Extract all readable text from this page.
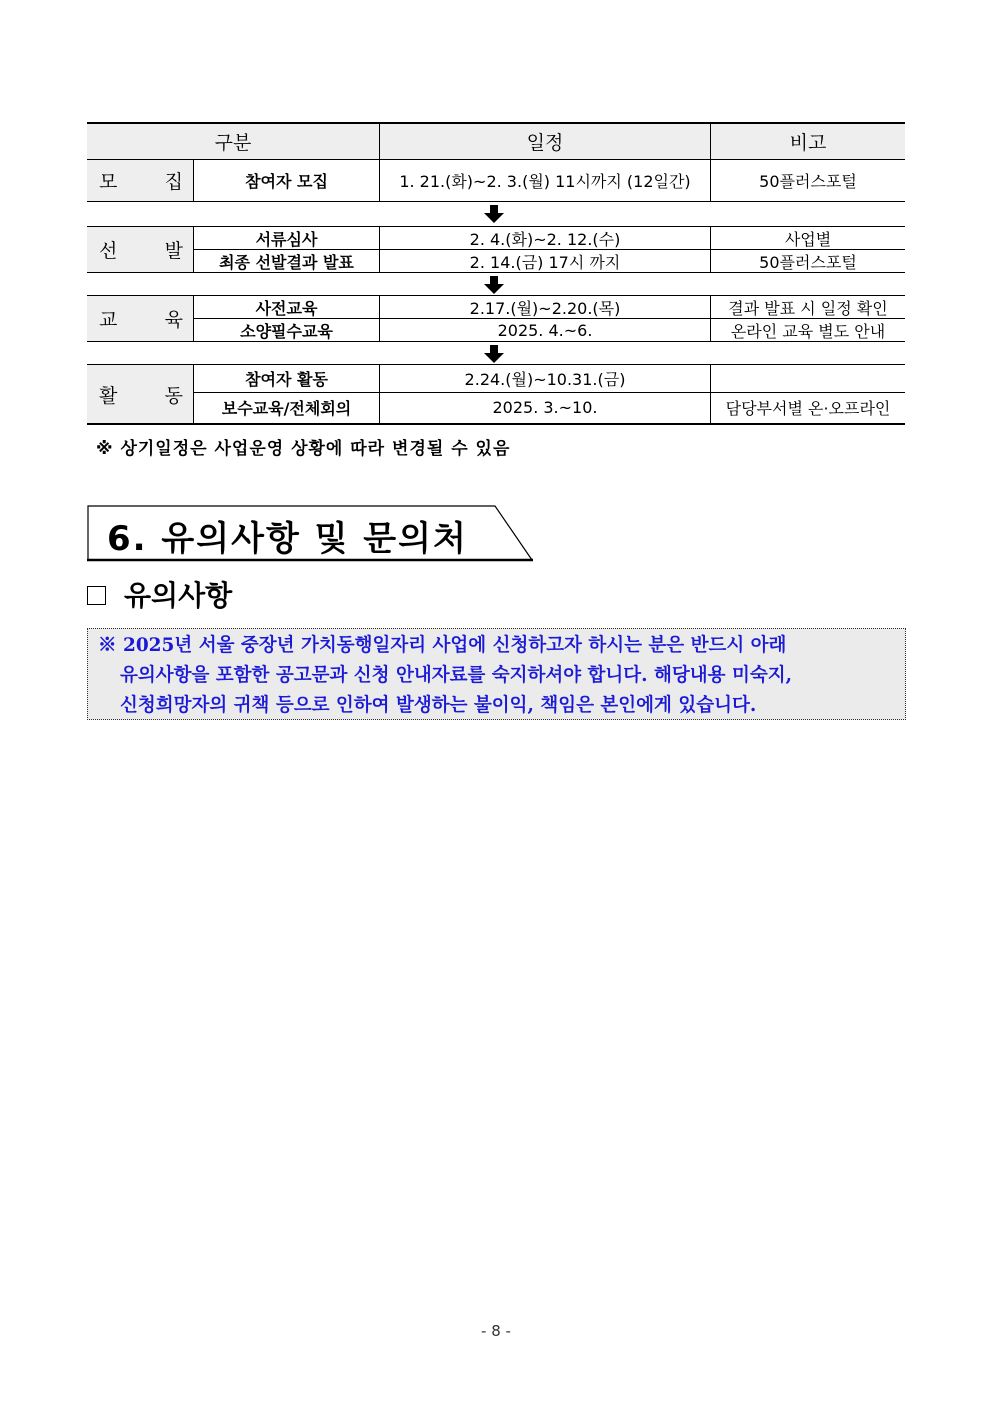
구분	일정	비고
모 집	참여자 모집	1. 21.(화)~2. 3.(월) 11시까지 (12일간)	50플러스포털
선 발
서류심사	2. 4.(화)~2. 12.(수)	사업별
최종 선발결과 발표	2. 14.(금) 17시 까지	50플러스포털
교 육
사전교육	2.17.(월)~2.20.(목)	결과 발표 시 일정 확인
소양필수교육	2025. 4.~6.	온라인 교육 별도 안내
활 동
참여자 활동	2.24.(월)~10.31.(금)
보수교육/전체회의	2025. 3.~10.	담당부서별 온·오프라인
※ 상기일정은 사업운영 상황에 따라 변경될 수 있음
6. 유의사항 및 문의처
유의사항
※ 2025년 서울 중장년 가치동행일자리 사업에 신청하고자 하시는 분은 반드시 아래
유의사항을 포함한 공고문과 신청 안내자료를 숙지하셔야 합니다. 해당내용 미숙지,
신청희망자의 귀책 등으로 인하여 발생하는 불이익, 책임은 본인에게 있습니다.
- 8 -
